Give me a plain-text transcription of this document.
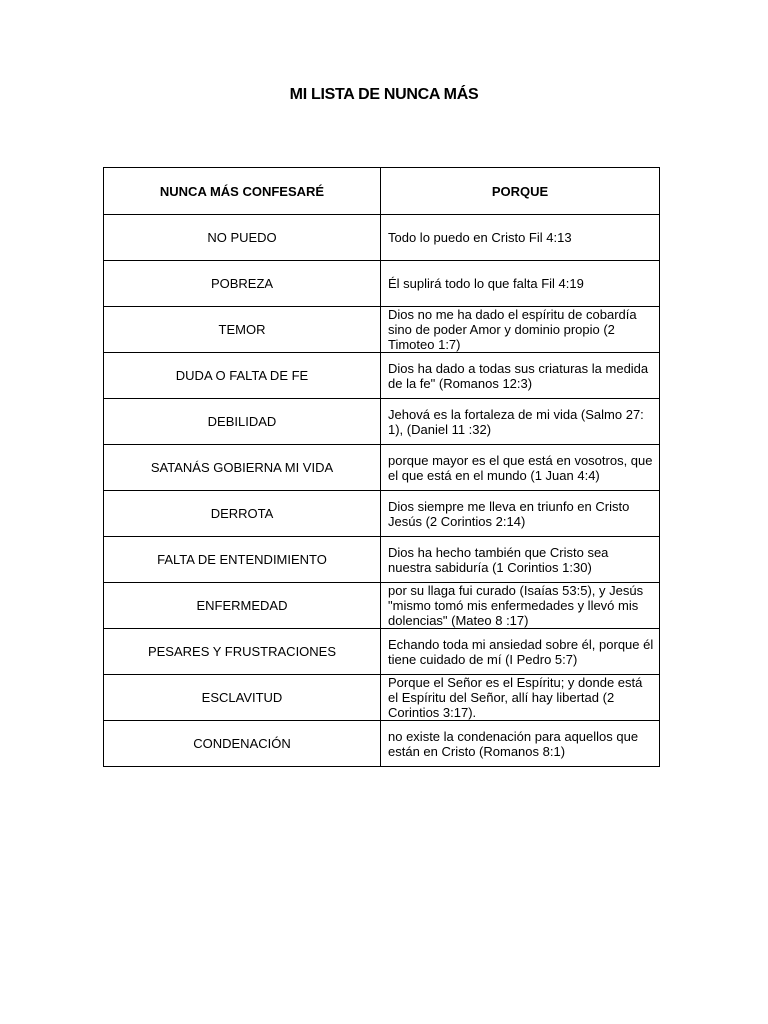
MI LISTA DE NUNCA MÁS
NUNCA MÁS CONFESARÉ	PORQUE
NO PUEDO	Todo lo puedo en Cristo Fil 4:13
POBREZA	Él suplirá todo lo que falta Fil 4:19
TEMOR	Dios no me ha dado el espíritu de cobardía sino de poder Amor y dominio propio (2 Timoteo 1:7)
DUDA O FALTA DE FE	Dios ha dado a todas sus criaturas la medida de la fe" (Romanos 12:3)
DEBILIDAD	Jehová es la fortaleza de mi vida (Salmo 27: 1), (Daniel 11 :32)
SATANÁS GOBIERNA MI VIDA	porque mayor es el que está en vosotros, que el que está en el mundo (1 Juan 4:4)
DERROTA	Dios siempre me lleva en triunfo en Cristo Jesús (2 Corintios 2:14)
FALTA DE ENTENDIMIENTO	Dios ha hecho también que Cristo sea nuestra sabiduría (1 Corintios 1:30)
ENFERMEDAD	por su llaga fui curado (Isaías 53:5), y Jesús "mismo tomó mis enfermedades y llevó mis dolencias" (Mateo 8 :17)
PESARES Y FRUSTRACIONES	Echando toda mi ansiedad sobre él, porque él tiene cuidado de mí (I Pedro 5:7)
ESCLAVITUD	Porque el Señor es el Espíritu; y donde está el Espíritu del Señor, allí hay libertad (2 Corintios 3:17).
CONDENACIÓN	no existe la condenación para aquellos que están en Cristo (Romanos 8:1)
